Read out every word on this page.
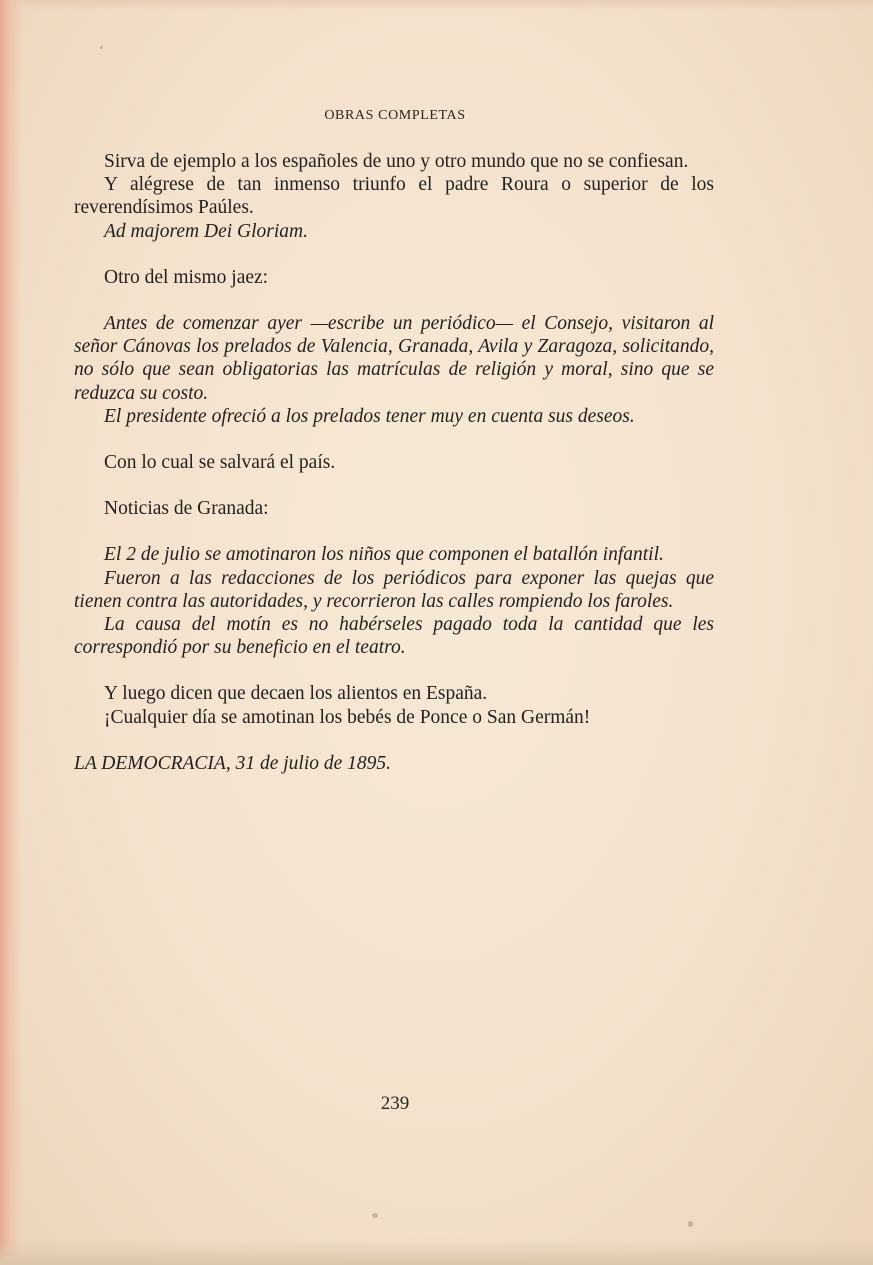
OBRAS COMPLETAS

Sirva de ejemplo a los españoles de uno y otro mundo que no se confiesan.

Y alégrese de tan inmenso triunfo el padre Roura o superior de los reverendísimos Paúles.

Ad majorem Dei Gloriam.

Otro del mismo jaez:

Antes de comenzar ayer —escribe un periódico— el Consejo, visitaron al señor Cánovas los prelados de Valencia, Granada, Avila y Zaragoza, solicitando, no sólo que sean obligatorias las matrículas de religión y moral, sino que se reduzca su costo.

El presidente ofreció a los prelados tener muy en cuenta sus deseos.

Con lo cual se salvará el país.

Noticias de Granada:

El 2 de julio se amotinaron los niños que componen el batallón infantil.

Fueron a las redacciones de los periódicos para exponer las quejas que tienen contra las autoridades, y recorrieron las calles rompiendo los faroles.

La causa del motín es no habérseles pagado toda la cantidad que les correspondió por su beneficio en el teatro.

Y luego dicen que decaen los alientos en España.

¡Cualquier día se amotinan los bebés de Ponce o San Germán!

LA DEMOCRACIA, 31 de julio de 1895.

239
